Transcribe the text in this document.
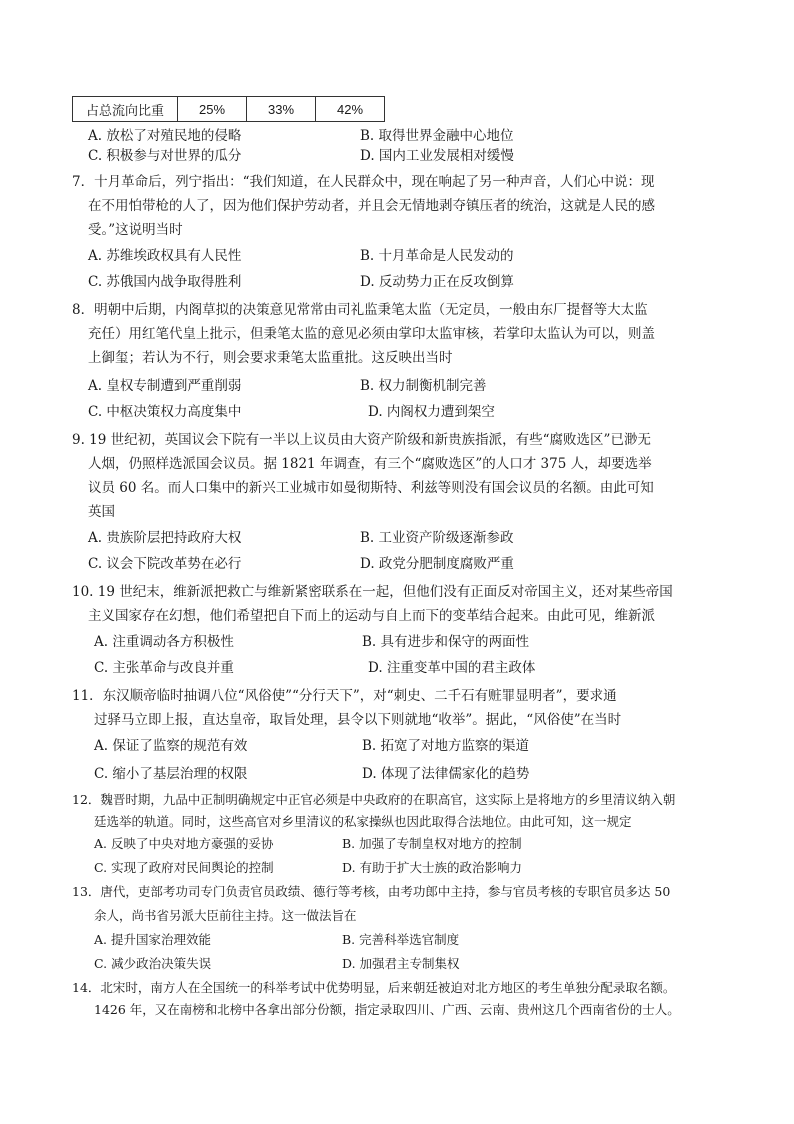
占总流向比重	25%	33%	42%
A. 放松了对殖民地的侵略	B. 取得世界金融中心地位
C. 积极参与对世界的瓜分	D. 国内工业发展相对缓慢
7．十月革命后，列宁指出：“我们知道，在人民群众中，现在响起了另一种声音，人们心中说：现
在不用怕带枪的人了，因为他们保护劳动者，并且会无情地剥夺镇压者的统治，这就是人民的感
受。”这说明当时
A. 苏维埃政权具有人民性	B. 十月革命是人民发动的
C. 苏俄国内战争取得胜利	D. 反动势力正在反攻倒算
8．明朝中后期，内阁草拟的决策意见常常由司礼监秉笔太监（无定员，一般由东厂提督等大太监
充任）用红笔代皇上批示，但秉笔太监的意见必须由掌印太监审核，若掌印太监认为可以，则盖
上御玺；若认为不行，则会要求秉笔太监重批。这反映出当时
A. 皇权专制遭到严重削弱	B. 权力制衡机制完善
C. 中枢决策权力高度集中	D. 内阁权力遭到架空
9. 19 世纪初，英国议会下院有一半以上议员由大资产阶级和新贵族指派，有些“腐败选区”已渺无
人烟，仍照样选派国会议员。据 1821 年调查，有三个“腐败选区”的人口才 375 人，却要选举
议员 60 名。而人口集中的新兴工业城市如曼彻斯特、利兹等则没有国会议员的名额。由此可知
英国
A. 贵族阶层把持政府大权	B. 工业资产阶级逐渐参政
C. 议会下院改革势在必行	D. 政党分肥制度腐败严重
10. 19 世纪末，维新派把救亡与维新紧密联系在一起，但他们没有正面反对帝国主义，还对某些帝国
主义国家存在幻想，他们希望把自下而上的运动与自上而下的变革结合起来。由此可见，维新派
A. 注重调动各方积极性	B. 具有进步和保守的两面性
C. 主张革命与改良并重	D. 注重变革中国的君主政体
11．东汉顺帝临时抽调八位“风俗使”“分行天下”，对“刺史、二千石有赃罪显明者”，要求通
过驿马立即上报，直达皇帝，取旨处理，县令以下则就地“收举”。据此，“风俗使”在当时
A. 保证了监察的规范有效	B. 拓宽了对地方监察的渠道
C. 缩小了基层治理的权限	D. 体现了法律儒家化的趋势
12．魏晋时期，九品中正制明确规定中正官必须是中央政府的在职高官，这实际上是将地方的乡里清议纳入朝
廷选举的轨道。同时，这些高官对乡里清议的私家操纵也因此取得合法地位。由此可知，这一规定
A. 反映了中央对地方豪强的妥协	B. 加强了专制皇权对地方的控制
C. 实现了政府对民间舆论的控制	D. 有助于扩大士族的政治影响力
13．唐代，吏部考功司专门负责官员政绩、德行等考核，由考功郎中主持，参与官员考核的专职官员多达 50
余人，尚书省另派大臣前往主持。这一做法旨在
A. 提升国家治理效能	B. 完善科举选官制度
C. 减少政治决策失误	D. 加强君主专制集权
14．北宋时，南方人在全国统一的科举考试中优势明显，后来朝廷被迫对北方地区的考生单独分配录取名额。
1426 年，又在南榜和北榜中各拿出部分份额，指定录取四川、广西、云南、贵州这几个西南省份的士人。
